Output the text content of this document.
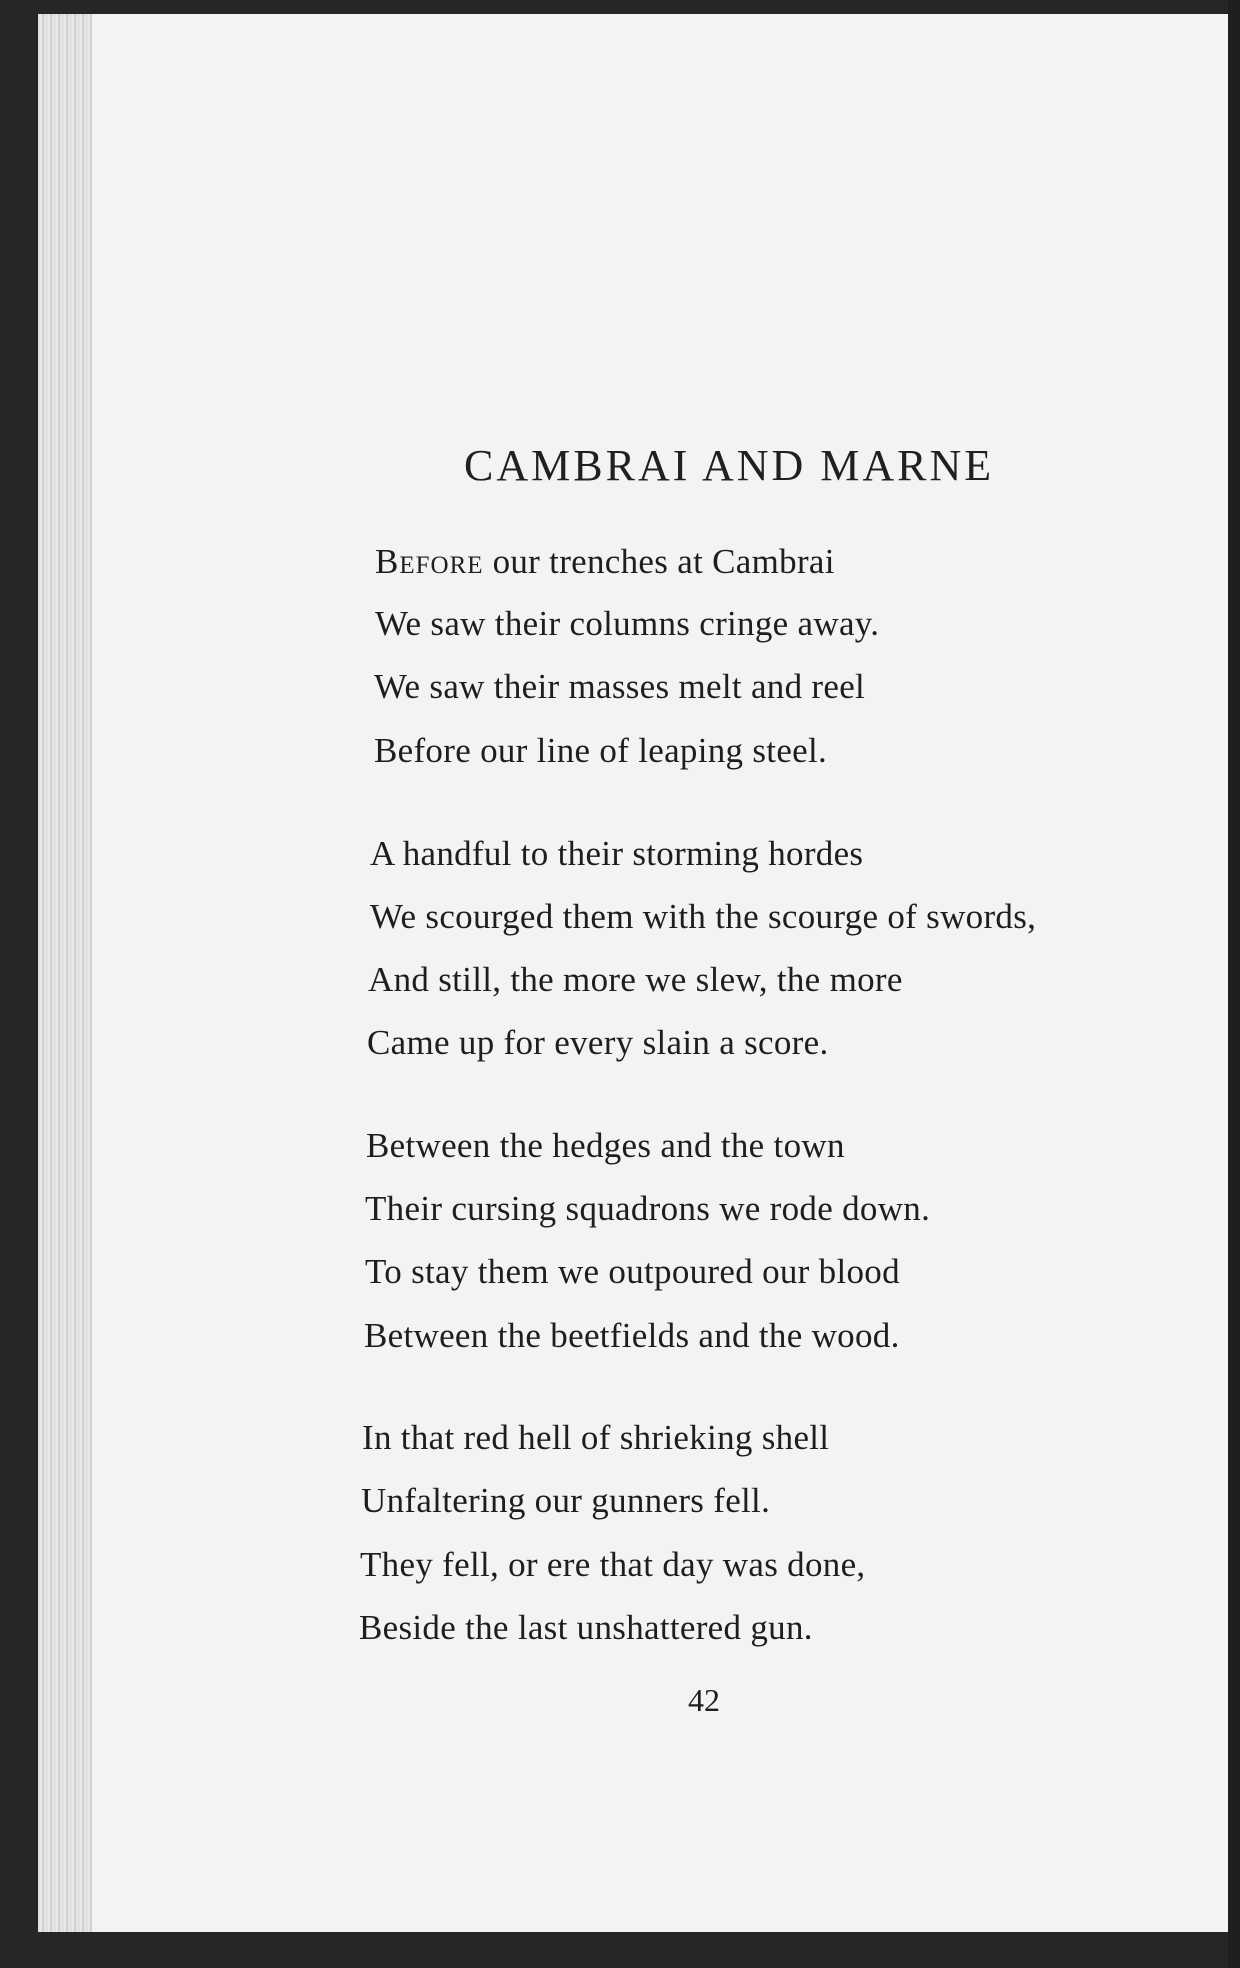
CAMBRAI AND MARNE
Before our trenches at Cambrai
We saw their columns cringe away.
We saw their masses melt and reel
Before our line of leaping steel.
A handful to their storming hordes
We scourged them with the scourge of swords,
And still, the more we slew, the more
Came up for every slain a score.
Between the hedges and the town
Their cursing squadrons we rode down.
To stay them we outpoured our blood
Between the beetfields and the wood.
In that red hell of shrieking shell
Unfaltering our gunners fell.
They fell, or ere that day was done,
Beside the last unshattered gun.
42
